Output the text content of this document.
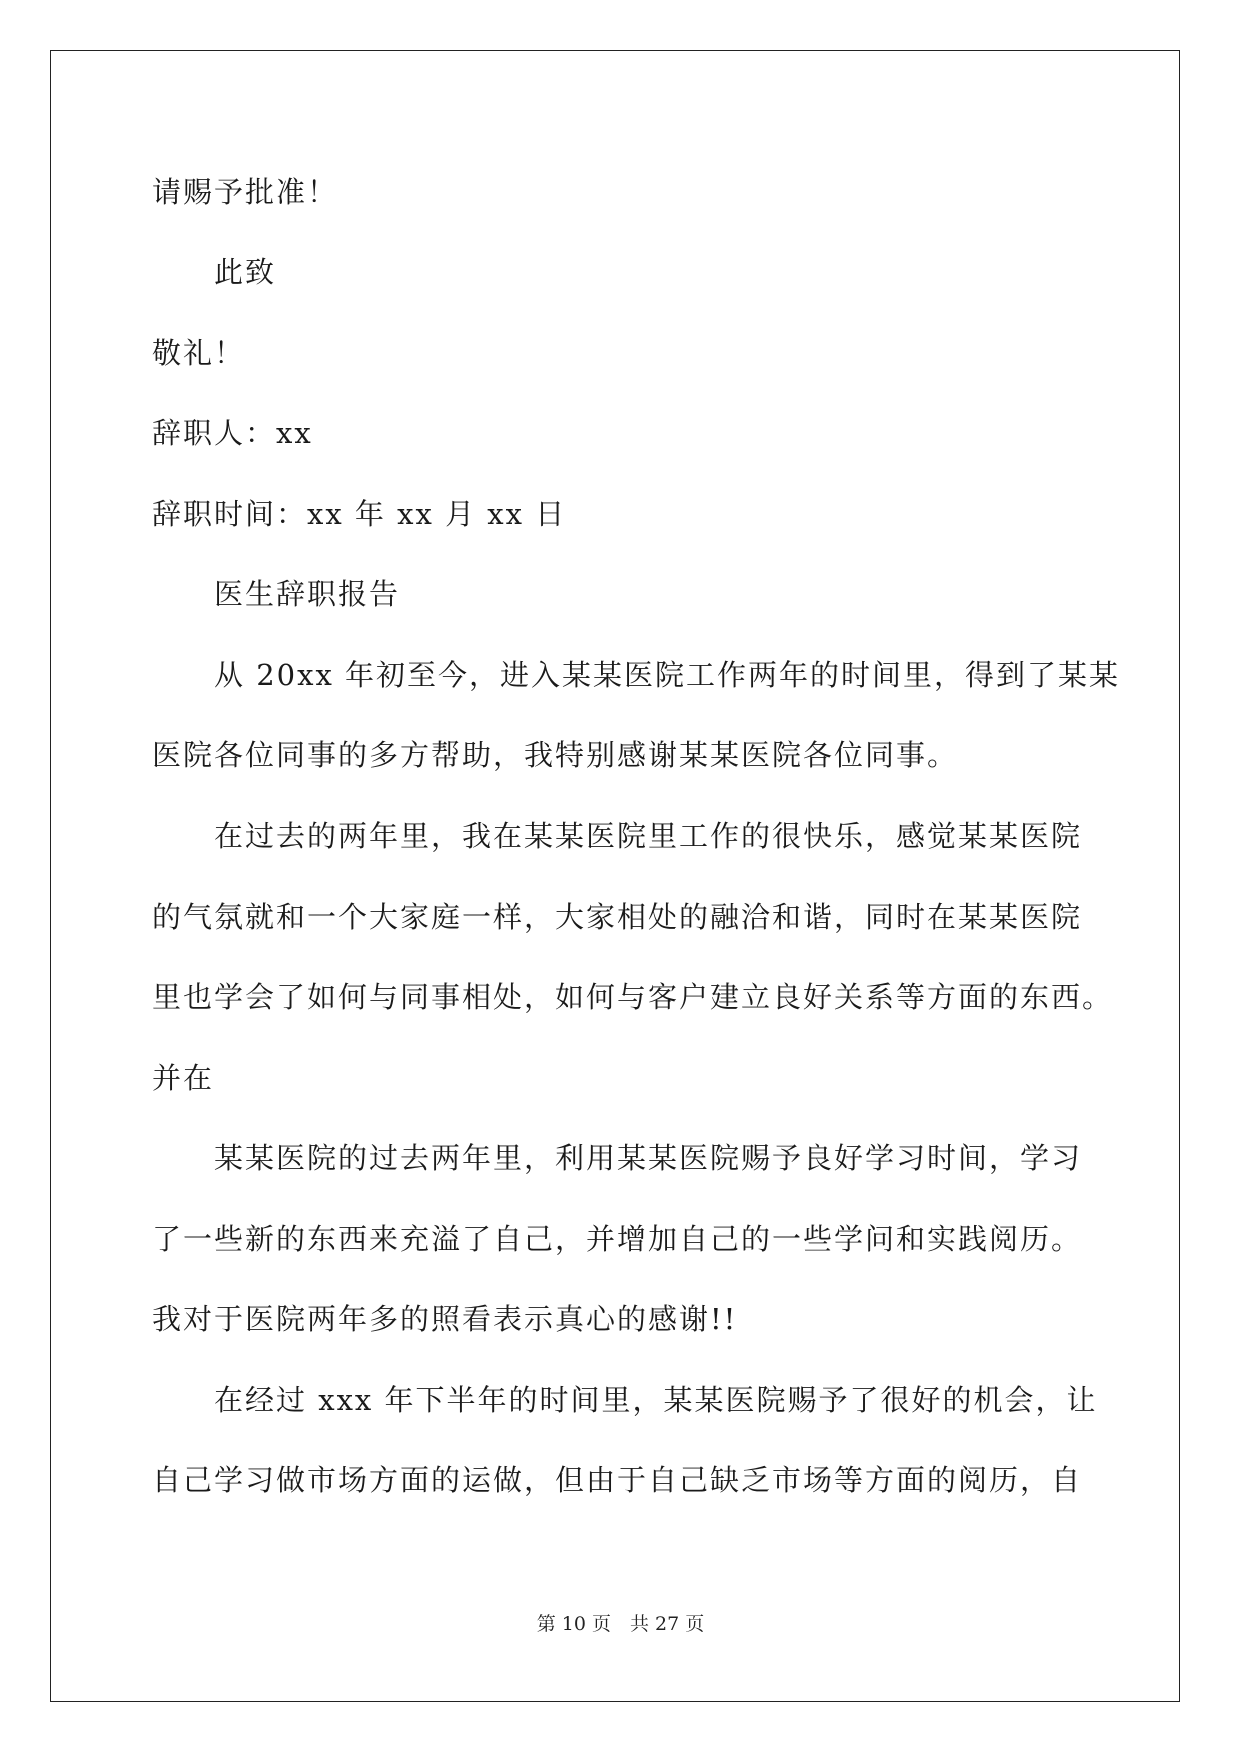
请赐予批准！
此致
敬礼！
辞职人：xx
辞职时间：xx 年 xx 月 xx 日
医生辞职报告
从 20xx 年初至今，进入某某医院工作两年的时间里，得到了某某
医院各位同事的多方帮助，我特别感谢某某医院各位同事。
在过去的两年里，我在某某医院里工作的很快乐，感觉某某医院
的气氛就和一个大家庭一样，大家相处的融洽和谐，同时在某某医院
里也学会了如何与同事相处，如何与客户建立良好关系等方面的东西。
并在
某某医院的过去两年里，利用某某医院赐予良好学习时间，学习
了一些新的东西来充溢了自己，并增加自己的一些学问和实践阅历。
我对于医院两年多的照看表示真心的感谢!!
在经过 xxx 年下半年的时间里，某某医院赐予了很好的机会，让
自己学习做市场方面的运做，但由于自己缺乏市场等方面的阅历，自
第 10 页　共 27 页
